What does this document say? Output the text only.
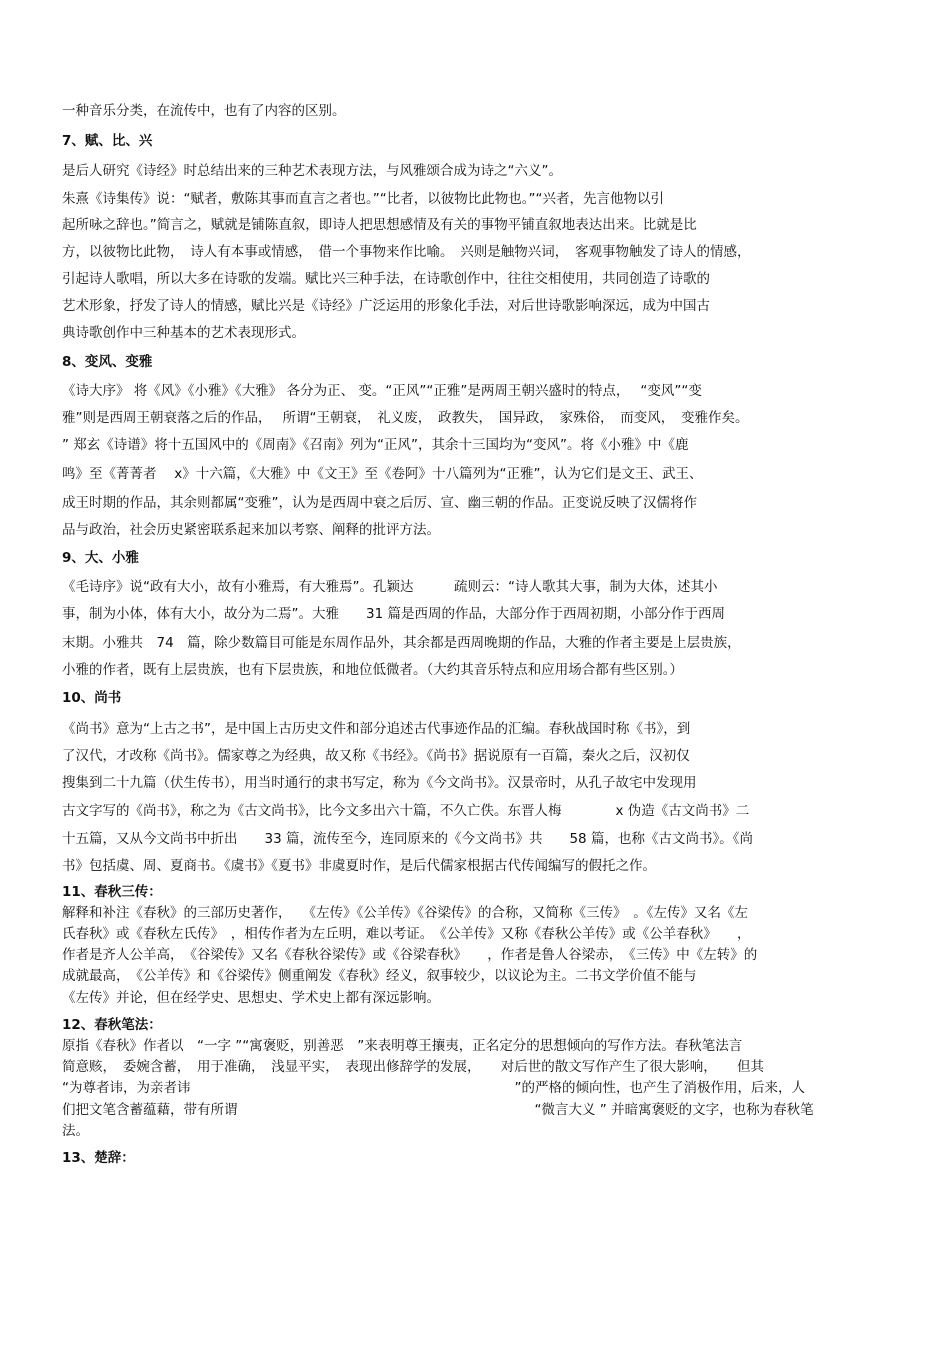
一种音乐分类，在流传中，也有了内容的区别。
7、赋、比、兴
是后人研究《诗经》时总结出来的三种艺术表现方法，与风雅颂合成为诗之“六义”。
朱熹《诗集传》说：“赋者，敷陈其事而直言之者也。”“比者，以彼物比此物也。”“兴者，先言他物以引
起所咏之辞也。”简言之，赋就是铺陈直叙，即诗人把思想感情及有关的事物平铺直叙地表达出来。比就是比
方，以彼物比此物，　诗人有本事或情感，　借一个事物来作比喻。　兴则是触物兴词，　客观事物触发了诗人的情感，
引起诗人歌唱，所以大多在诗歌的发端。赋比兴三种手法，在诗歌创作中，往往交相使用，共同创造了诗歌的
艺术形象，抒发了诗人的情感，赋比兴是《诗经》广泛运用的形象化手法，对后世诗歌影响深远，成为中国古
典诗歌创作中三种基本的艺术表现形式。
8、变风、变雅
《诗大序》 将《风》《小雅》《大雅》 各分为正、 变。“正风”“正雅”是两周王朝兴盛时的特点，　 “变风”“变
雅”则是西周王朝衰落之后的作品，　 所谓“王朝衰，　礼义废，　政教失，　国异政，　家殊俗，　而变风，　变雅作矣。
” 郑玄《诗谱》将十五国风中的《周南》《召南》列为“正风”，其余十三国均为“变风”。将《小雅》中《鹿
鸣》至《菁菁者　 x》十六篇，《大雅》中《文王》至《卷阿》十八篇列为“正雅”，认为它们是文王、武王、
成王时期的作品，其余则都属“变雅”，认为是西周中衰之后厉、宣、幽三朝的作品。正变说反映了汉儒将作
品与政治，社会历史紧密联系起来加以考察、阐释的批评方法。
9、大、小雅
《毛诗序》说“政有大小，故有小雅焉，有大雅焉”。孔颖达　　　疏则云：“诗人歌其大事，制为大体，述其小
事，制为小体，体有大小，故分为二焉”。大雅　　31 篇是西周的作品，大部分作于西周初期，小部分作于西周
末期。小雅共　74　篇，除少数篇目可能是东周作品外，其余都是西周晚期的作品，大雅的作者主要是上层贵族，
小雅的作者，既有上层贵族，也有下层贵族，和地位低微者。（大约其音乐特点和应用场合都有些区别。）
10、尚书
《尚书》意为“上古之书”，是中国上古历史文件和部分追述古代事迹作品的汇编。春秋战国时称《书》，到
了汉代，才改称《尚书》。儒家尊之为经典，故又称《书经》。《尚书》据说原有一百篇，秦火之后，汉初仅
搜集到二十九篇（伏生传书），用当时通行的隶书写定，称为《今文尚书》。汉景帝时，从孔子故宅中发现用
古文字写的《尚书》，称之为《古文尚书》，比今文多出六十篇，不久亡佚。东晋人梅　　　　x 伪造《古文尚书》二
十五篇，又从今文尚书中折出　　33 篇，流传至今，连同原来的《今文尚书》共　　58 篇，也称《古文尚书》。《尚
书》包括虞、周、夏商书。《虞书》《夏书》非虞夏时作，是后代儒家根据古代传闻编写的假托之作。
11、春秋三传：
解释和补注《春秋》的三部历史著作，　 《左传》《公羊传》《谷梁传》的合称，又简称《三传》　。《左传》又名《左
氏春秋》或《春秋左氏传》　，相传作者为左丘明，难以考证。　《公羊传》又称《春秋公羊传》或《公羊春秋》　　，
作者是齐人公羊高，　《谷梁传》又名《春秋谷梁传》或《谷梁春秋》　　，作者是鲁人谷梁赤，　《三传》中《左转》的
成就最高，　《公羊传》和《谷梁传》侧重阐发《春秋》经义，叙事较少，以议论为主。二书文学价值不能与
《左传》并论，但在经学史、思想史、学术史上都有深远影响。
12、春秋笔法：
原指《春秋》作者以　“一字 ”“寓褒贬，别善恶　”来表明尊王攘夷，正名定分的思想倾向的写作方法。春秋笔法言
简意赅，　委婉含蓄，　用于准确，　浅显平实，　表现出修辞学的发展，　　对后世的散文写作产生了很大影响，　　但其
“为尊者讳，为亲者讳　　　　　　　　　　　　　　　　　　　　　　　　”的严格的倾向性，也产生了消极作用，后来，人
们把文笔含蓄蕴藉，带有所谓　　　　　　　　　　　　　　　　　　　　　　“微言大义 ” 并暗寓褒贬的文字，也称为春秋笔
法。
13、楚辞：
